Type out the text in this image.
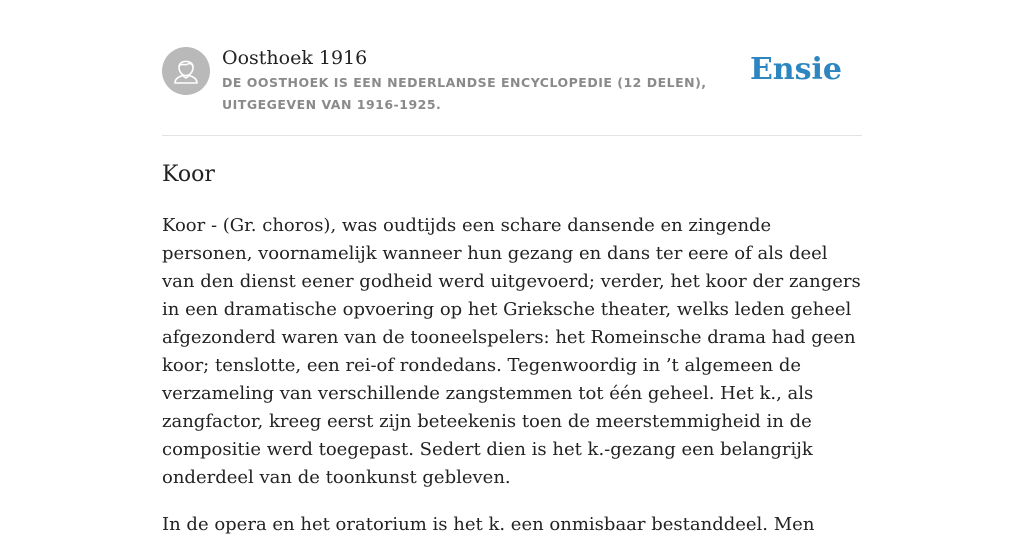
Oosthoek 1916
DE OOSTHOEK IS EEN NEDERLANDSE ENCYCLOPEDIE (12 DELEN), UITGEGEVEN VAN 1916-1925.
Ensie
Koor

Koor - (Gr. choros), was oudtijds een schare dansende en zingende personen, voornamelijk wanneer hun gezang en dans ter eere of als deel van den dienst eener godheid werd uitgevoerd; verder, het koor der zangers in een dramatische opvoering op het Grieksche theater, welks leden geheel afgezonderd waren van de tooneelspelers: het Romeinsche drama had geen koor; tenslotte, een rei-of rondedans. Tegenwoordig in ’t algemeen de verzameling van verschillende zangstemmen tot één geheel. Het k., als zangfactor, kreeg eerst zijn beteekenis toen de meerstemmigheid in de compositie werd toegepast. Sedert dien is het k.-gezang een belangrijk onderdeel van de toonkunst gebleven.

In de opera en het oratorium is het k. een onmisbaar bestanddeel. Men
